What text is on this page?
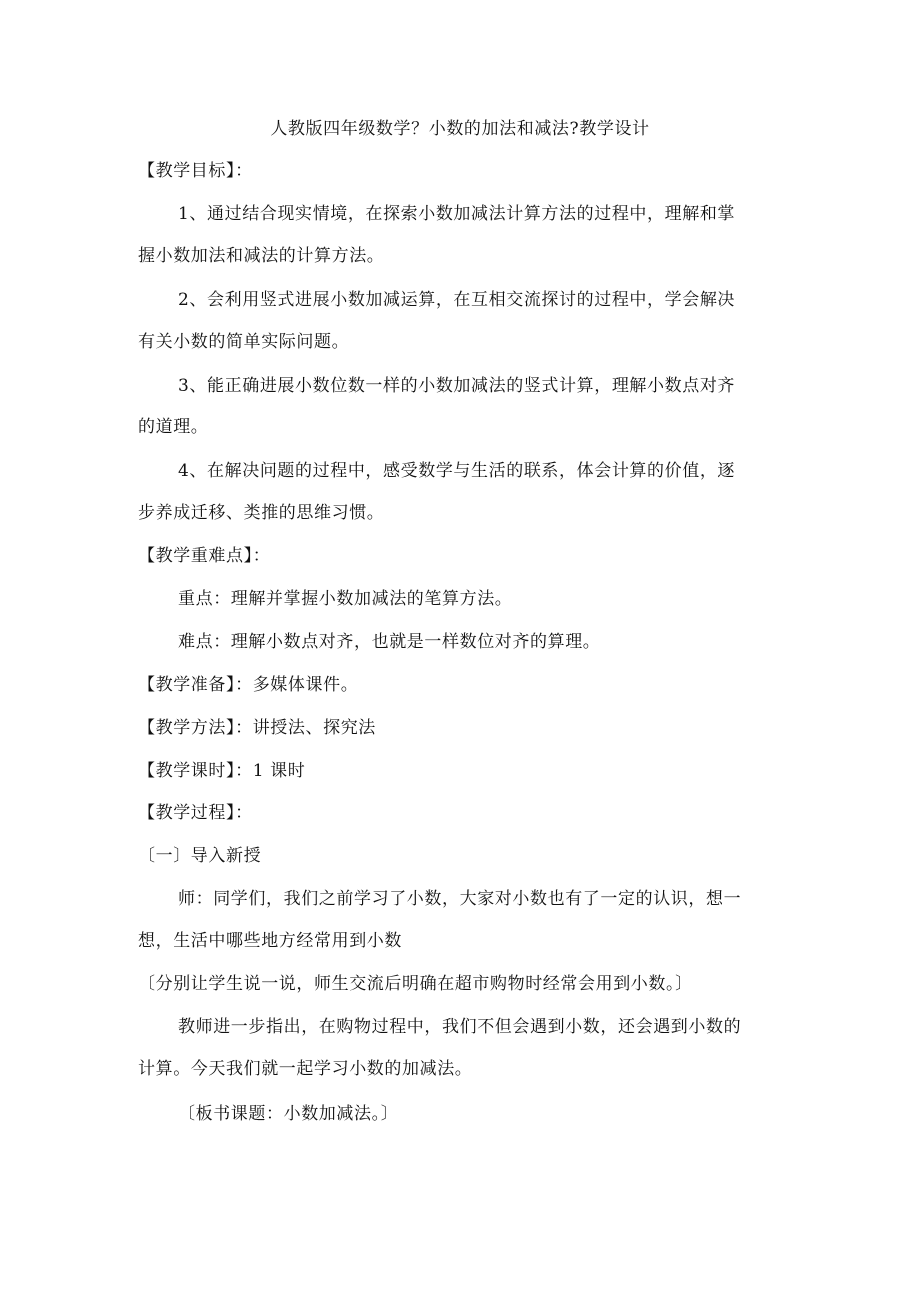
人教版四年级数学？小数的加法和减法?教学设计
【教学目标】：
1、通过结合现实情境，在探索小数加减法计算方法的过程中，理解和掌
握小数加法和减法的计算方法。
2、会利用竖式进展小数加减运算，在互相交流探讨的过程中，学会解决
有关小数的简单实际问题。
3、能正确进展小数位数一样的小数加减法的竖式计算，理解小数点对齐
的道理。
4、在解决问题的过程中，感受数学与生活的联系，体会计算的价值，逐
步养成迁移、类推的思维习惯。
【教学重难点】：
重点：理解并掌握小数加减法的笔算方法。
难点：理解小数点对齐，也就是一样数位对齐的算理。
【教学准备】：多媒体课件。
【教学方法】：讲授法、探究法
【教学课时】：1 课时
【教学过程】：
〔一〕导入新授
师：同学们，我们之前学习了小数，大家对小数也有了一定的认识，想一
想，生活中哪些地方经常用到小数
〔分别让学生说一说，师生交流后明确在超市购物时经常会用到小数。〕
教师进一步指出，在购物过程中，我们不但会遇到小数，还会遇到小数的
计算。今天我们就一起学习小数的加减法。
〔板书课题：小数加减法。〕
